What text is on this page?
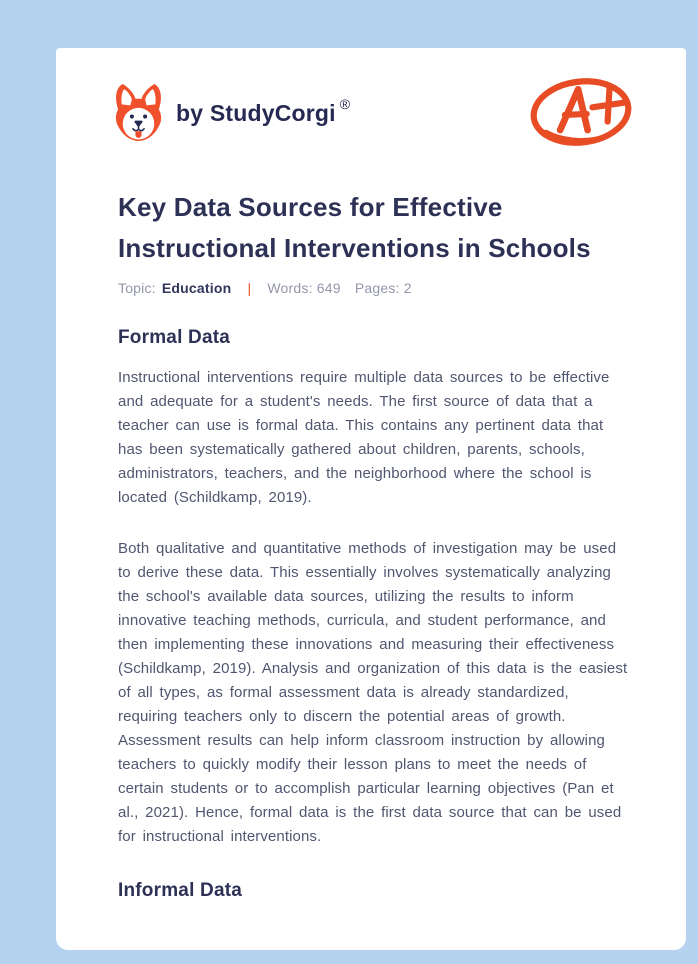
by StudyCorgi ®
Key Data Sources for Effective Instructional Interventions in Schools
Topic: Education | Words: 649 Pages: 2
Formal Data

Instructional interventions require multiple data sources to be effective and adequate for a student's needs. The first source of data that a teacher can use is formal data. This contains any pertinent data that has been systematically gathered about children, parents, schools, administrators, teachers, and the neighborhood where the school is located (Schildkamp, 2019).

Both qualitative and quantitative methods of investigation may be used to derive these data. This essentially involves systematically analyzing the school's available data sources, utilizing the results to inform innovative teaching methods, curricula, and student performance, and then implementing these innovations and measuring their effectiveness (Schildkamp, 2019). Analysis and organization of this data is the easiest of all types, as formal assessment data is already standardized, requiring teachers only to discern the potential areas of growth. Assessment results can help inform classroom instruction by allowing teachers to quickly modify their lesson plans to meet the needs of certain students or to accomplish particular learning objectives (Pan et al., 2021). Hence, formal data is the first data source that can be used for instructional interventions.

Informal Data
